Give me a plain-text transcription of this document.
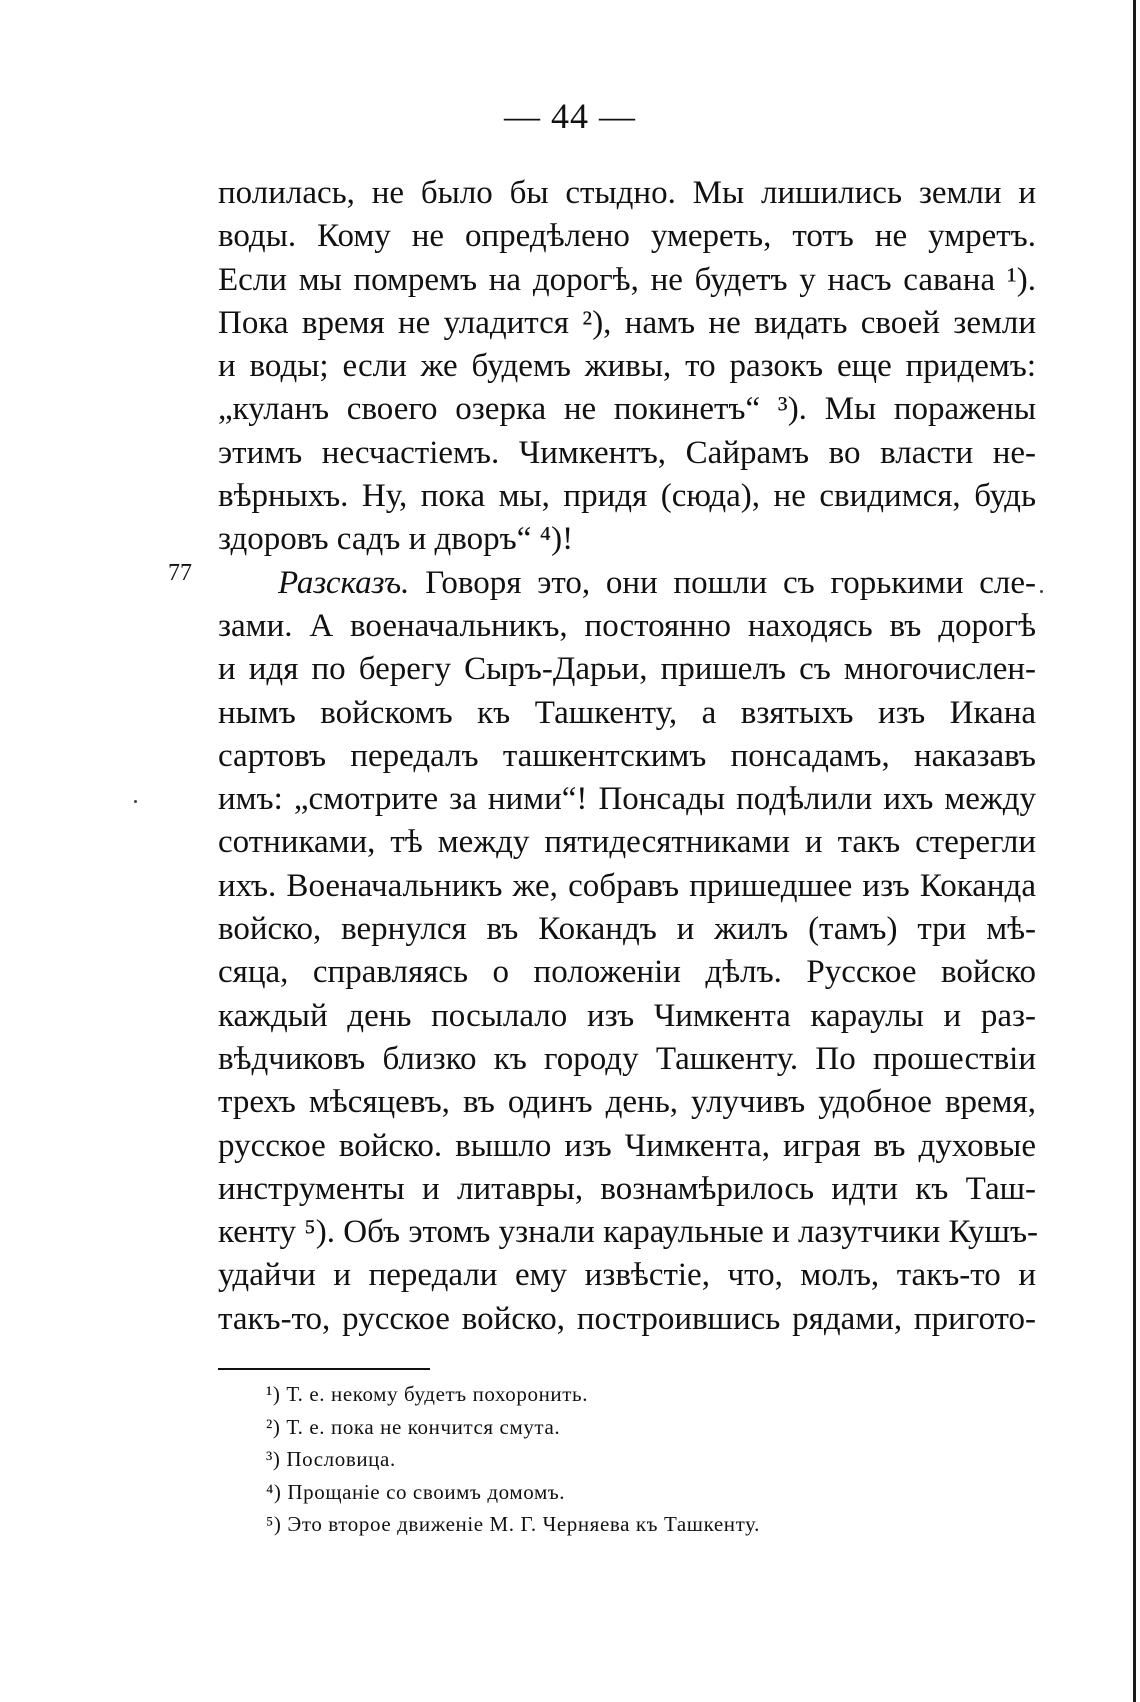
— 44 —
77
полилась, не было бы стыдно. Мы лишились земли и
воды. Кому не опредѣлено умереть, тотъ не умретъ.
Если мы помремъ на дорогѣ, не будетъ у насъ савана ¹).
Пока время не уладится ²), намъ не видать своей земли
и воды; если же будемъ живы, то разокъ еще придемъ:
„куланъ своего озерка не покинетъ“ ³). Мы поражены
этимъ несчастіемъ. Чимкентъ, Сайрамъ во власти не-
вѣрныхъ. Ну, пока мы, придя (сюда), не свидимся, будь
здоровъ садъ и дворъ“ ⁴)!
Разсказъ. Говоря это, они пошли съ горькими сле-
зами. А военачальникъ, постоянно находясь въ дорогѣ
и идя по берегу Сыръ-Дарьи, пришелъ съ многочислен-
нымъ войскомъ къ Ташкенту, а взятыхъ изъ Икана
сартовъ передалъ ташкентскимъ понсадамъ, наказавъ
имъ: „смотрите за ними“! Понсады подѣлили ихъ между
сотниками, тѣ между пятидесятниками и такъ стерегли
ихъ. Военачальникъ же, собравъ пришедшее изъ Коканда
войско, вернулся въ Кокандъ и жилъ (тамъ) три мѣ-
сяца, справляясь о положеніи дѣлъ. Русское войско
каждый день посылало изъ Чимкента караулы и раз-
вѣдчиковъ близко къ городу Ташкенту. По прошествіи
трехъ мѣсяцевъ, въ одинъ день, улучивъ удобное время,
русское войско. вышло изъ Чимкента, играя въ духовые
инструменты и литавры, вознамѣрилось идти къ Таш-
кенту ⁵). Объ этомъ узнали караульные и лазутчики Кушъ-
удайчи и передали ему извѣстіе, что, молъ, такъ-то и
такъ-то, русское войско, построившись рядами, пригото-
¹) Т. е. некому будетъ похоронить.
²) Т. е. пока не кончится смута.
³) Пословица.
⁴) Прощаніе со своимъ домомъ.
⁵) Это второе движеніе М. Г. Черняева къ Ташкенту.
